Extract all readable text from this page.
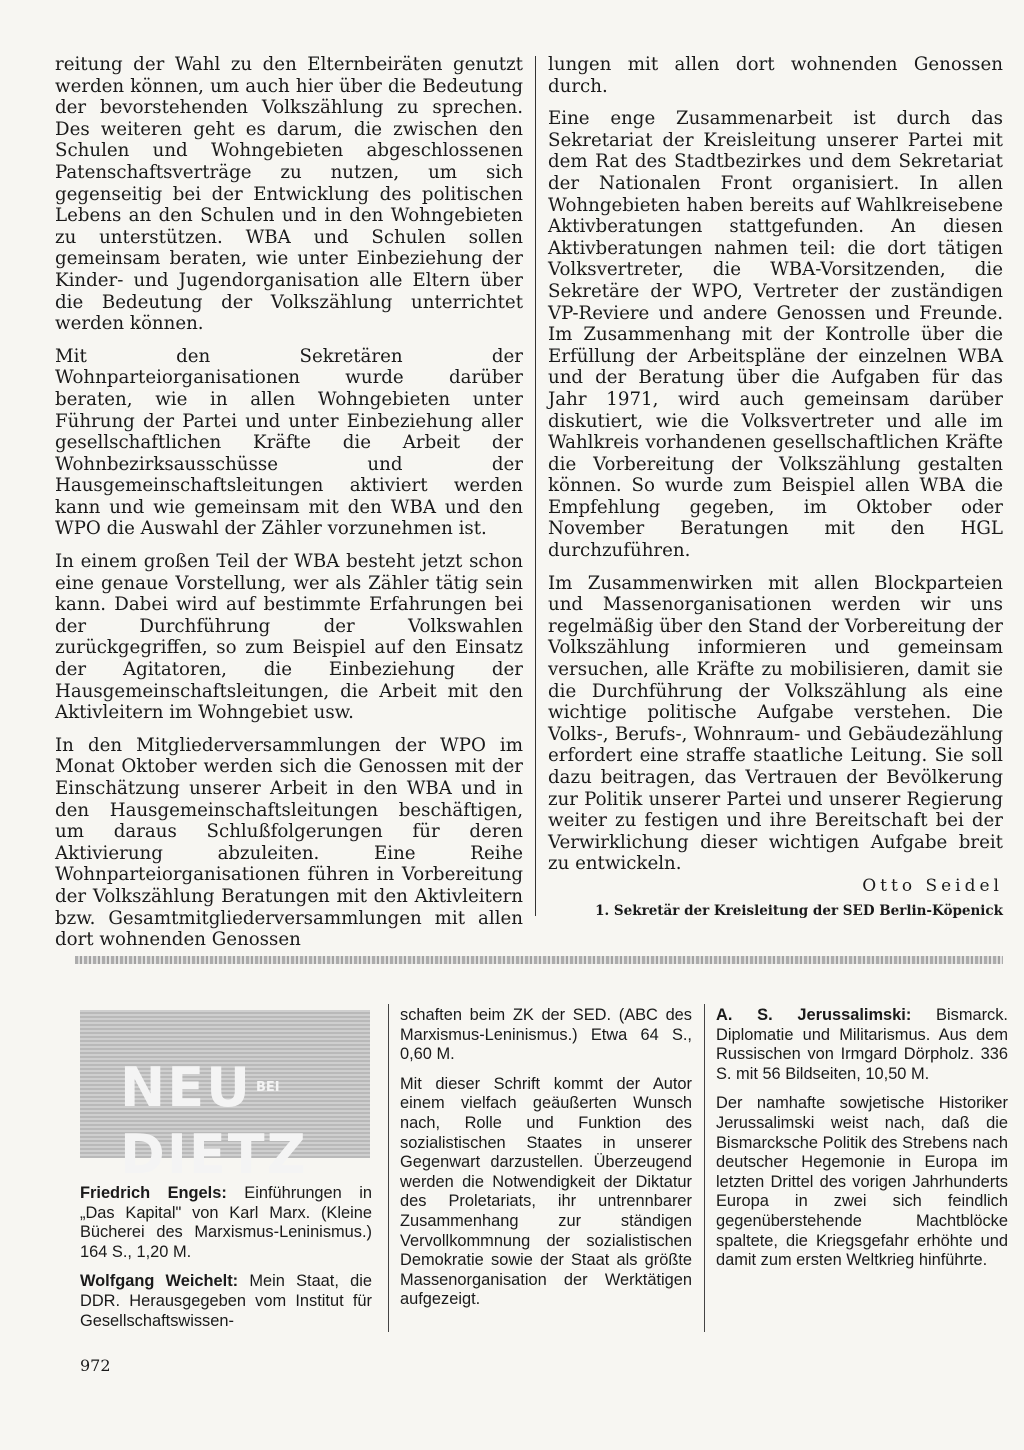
reitung der Wahl zu den Elternbeiräten genutzt werden können, um auch hier über die Bedeutung der bevorstehenden Volkszählung zu sprechen. Des weiteren geht es darum, die zwischen den Schulen und Wohngebieten abgeschlossenen Patenschaftsverträge zu nutzen, um sich gegenseitig bei der Entwicklung des politischen Lebens an den Schulen und in den Wohngebieten zu unterstützen. WBA und Schulen sollen gemeinsam beraten, wie unter Einbeziehung der Kinder- und Jugendorganisation alle Eltern über die Bedeutung der Volkszählung unterrichtet werden können.

Mit den Sekretären der Wohnparteiorganisationen wurde darüber beraten, wie in allen Wohngebieten unter Führung der Partei und unter Einbeziehung aller gesellschaftlichen Kräfte die Arbeit der Wohnbezirksausschüsse und der Hausgemeinschaftsleitungen aktiviert werden kann und wie gemeinsam mit den WBA und den WPO die Auswahl der Zähler vorzunehmen ist.

In einem großen Teil der WBA besteht jetzt schon eine genaue Vorstellung, wer als Zähler tätig sein kann. Dabei wird auf bestimmte Erfahrungen bei der Durchführung der Volkswahlen zurückgegriffen, so zum Beispiel auf den Einsatz der Agitatoren, die Einbeziehung der Hausgemeinschaftsleitungen, die Arbeit mit den Aktivleitern im Wohngebiet usw.

In den Mitgliederversammlungen der WPO im Monat Oktober werden sich die Genossen mit der Einschätzung unserer Arbeit in den WBA und in den Hausgemeinschaftsleitungen beschäftigen, um daraus Schlußfolgerungen für deren Aktivierung abzuleiten. Eine Reihe Wohnparteiorganisationen führen in Vorbereitung der Volkszählung Beratungen mit den Aktivleitern bzw. Gesamtmitgliederversammlungen mit allen dort wohnenden Genossen

lungen mit allen dort wohnenden Genossen durch.

Eine enge Zusammenarbeit ist durch das Sekretariat der Kreisleitung unserer Partei mit dem Rat des Stadtbezirkes und dem Sekretariat der Nationalen Front organisiert. In allen Wohngebieten haben bereits auf Wahlkreisebene Aktivberatungen stattgefunden. An diesen Aktivberatungen nahmen teil: die dort tätigen Volksvertreter, die WBA-Vorsitzenden, die Sekretäre der WPO, Vertreter der zuständigen VP-Reviere und andere Genossen und Freunde. Im Zusammenhang mit der Kontrolle über die Erfüllung der Arbeitspläne der einzelnen WBA und der Beratung über die Aufgaben für das Jahr 1971, wird auch gemeinsam darüber diskutiert, wie die Volksvertreter und alle im Wahlkreis vorhandenen gesellschaftlichen Kräfte die Vorbereitung der Volkszählung gestalten können. So wurde zum Beispiel allen WBA die Empfehlung gegeben, im Oktober oder November Beratungen mit den HGL durchzuführen.

Im Zusammenwirken mit allen Blockparteien und Massenorganisationen werden wir uns regelmäßig über den Stand der Vorbereitung der Volkszählung informieren und gemeinsam versuchen, alle Kräfte zu mobilisieren, damit sie die Durchführung der Volkszählung als eine wichtige politische Aufgabe verstehen. Die Volks-, Berufs-, Wohnraum- und Gebäudezählung erfordert eine straffe staatliche Leitung. Sie soll dazu beitragen, das Vertrauen der Bevölkerung zur Politik unserer Partei und unserer Regierung weiter zu festigen und ihre Bereitschaft bei der Verwirklichung dieser wichtigen Aufgabe breit zu entwickeln.

Otto Seidel
1. Sekretär der Kreisleitung der SED Berlin-Köpenick
NEU BEIDIETZ

Friedrich Engels: Einführungen in „Das Kapital" von Karl Marx. (Kleine Bücherei des Marxismus-Leninismus.) 164 S., 1,20 M.

Wolfgang Weichelt: Mein Staat, die DDR. Herausgegeben vom Institut für Gesellschaftswissen-

schaften beim ZK der SED. (ABC des Marxismus-Leninismus.) Etwa 64 S., 0,60 M.

Mit dieser Schrift kommt der Autor einem vielfach geäußerten Wunsch nach, Rolle und Funktion des sozialistischen Staates in unserer Gegenwart darzustellen. Überzeugend werden die Notwendigkeit der Diktatur des Proletariats, ihr untrennbarer Zusammenhang zur ständigen Vervollkommnung der sozialistischen Demokratie sowie der Staat als größte Massenorganisation der Werktätigen aufgezeigt.

A. S. Jerussalimski: Bismarck. Diplomatie und Militarismus. Aus dem Russischen von Irmgard Dörpholz. 336 S. mit 56 Bildseiten, 10,50 M.

Der namhafte sowjetische Historiker Jerussalimski weist nach, daß die Bismarcksche Politik des Strebens nach deutscher Hegemonie in Europa im letzten Drittel des vorigen Jahrhunderts Europa in zwei sich feindlich gegenüberstehende Machtblöcke spaltete, die Kriegsgefahr erhöhte und damit zum ersten Weltkrieg hinführte.

972
